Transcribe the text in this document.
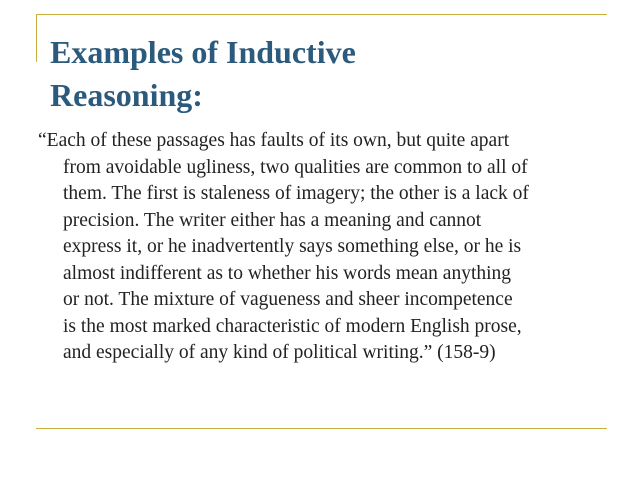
Examples of Inductive
Reasoning:

“Each of these passages has faults of its own, but quite apart
from avoidable ugliness, two qualities are common to all of
them. The first is staleness of imagery; the other is a lack of
precision. The writer either has a meaning and cannot
express it, or he inadvertently says something else, or he is
almost indifferent as to whether his words mean anything
or not. The mixture of vagueness and sheer incompetence
is the most marked characteristic of modern English prose,
and especially of any kind of political writing.” (158-9)
